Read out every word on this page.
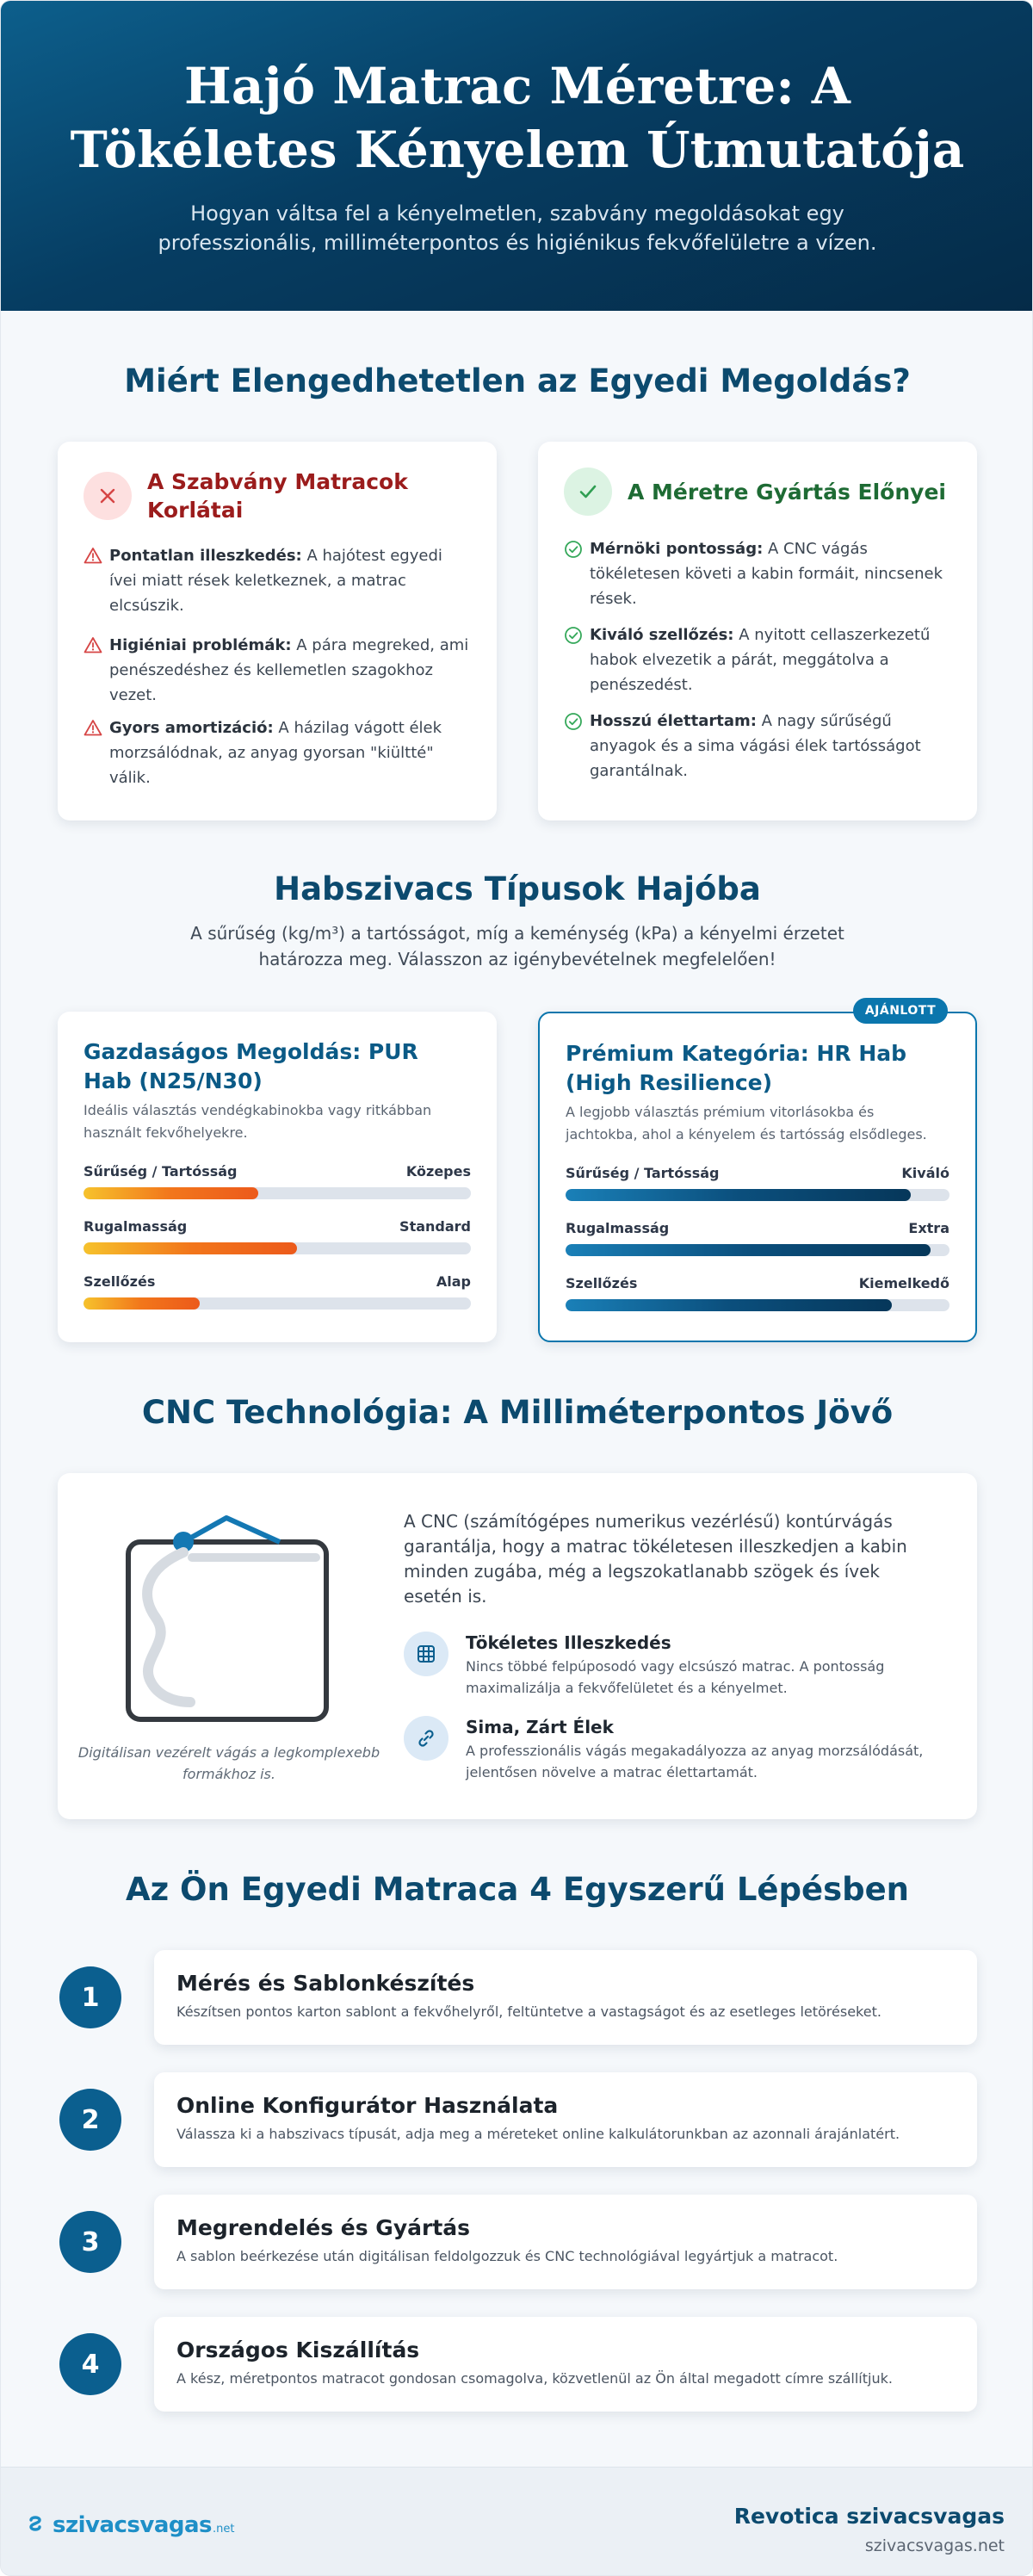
Hajó Matrac Méretre: A Tökéletes Kényelem Útmutatója

Hogyan váltsa fel a kényelmetlen, szabvány megoldásokat egy professzionális, milliméterpontos és higiénikus fekvőfelületre a vízen.

Miért Elengedhetetlen az Egyedi Megoldás?
A Szabvány Matracok Korlátai
Pontatlan illeszkedés: A hajótest egyedi ívei miatt rések keletkeznek, a matrac elcsúszik.
Higiéniai problémák: A pára megreked, ami penészedéshez és kellemetlen szagokhoz vezet.
Gyors amortizáció: A házilag vágott élek morzsálódnak, az anyag gyorsan "kiültté" válik.
A Méretre Gyártás Előnyei
Mérnöki pontosság: A CNC vágás tökéletesen követi a kabin formáit, nincsenek rések.
Kiváló szellőzés: A nyitott cellaszerkezetű habok elvezetik a párát, meggátolva a penészedést.
Hosszú élettartam: A nagy sűrűségű anyagok és a sima vágási élek tartósságot garantálnak.
Habszivacs Típusok Hajóba

A sűrűség (kg/m³) a tartósságot, míg a keménység (kPa) a kényelmi érzetet határozza meg. Válasszon az igénybevételnek megfelelően!

Gazdaságos Megoldás: PUR Hab (N25/N30)
Ideális választás vendégkabinokba vagy ritkábban használt fekvőhelyekre.
Sűrűség / Tartósság	Közepes
Rugalmasság	Standard
Szellőzés	Alap
Prémium Kategória: HR Hab (High Resilience)
A legjobb választás prémium vitorlásokba és jachtokba, ahol a kényelem és tartósság elsődleges.
Sűrűség / Tartósság	Kiváló
Rugalmasság	Extra
Szellőzés	Kiemelkedő
AJÁNLOTT
CNC Technológia: A Milliméterpontos Jövő

Digitálisan vezérelt vágás a legkomplexebb formákhoz is.

A CNC (számítógépes numerikus vezérlésű) kontúrvágás garantálja, hogy a matrac tökéletesen illeszkedjen a kabin minden zugába, még a legszokatlanabb szögek és ívek esetén is.

Tökéletes Illeszkedés
Nincs többé felpúposodó vagy elcsúszó matrac. A pontosság maximalizálja a fekvőfelületet és a kényelmet.
Sima, Zárt Élek
A professzionális vágás megakadályozza az anyag morzsálódását, jelentősen növelve a matrac élettartamát.
Az Ön Egyedi Matraca 4 Egyszerű Lépésben
1	Mérés és Sablonkészítés
Készítsen pontos karton sablont a fekvőhelyről, feltüntetve a vastagságot és az esetleges letöréseket.
2	Online Konfigurátor Használata
Válassza ki a habszivacs típusát, adja meg a méreteket online kalkulátorunkban az azonnali árajánlatért.
3	Megrendelés és Gyártás
A sablon beérkezése után digitálisan feldolgozzuk és CNC technológiával legyártjuk a matracot.
4	Országos Kiszállítás
A kész, méretpontos matracot gondosan csomagolva, közvetlenül az Ön által megadott címre szállítjuk.
szivacsvagas .net
Revotica szivacsvagas
szivacsvagas.net
